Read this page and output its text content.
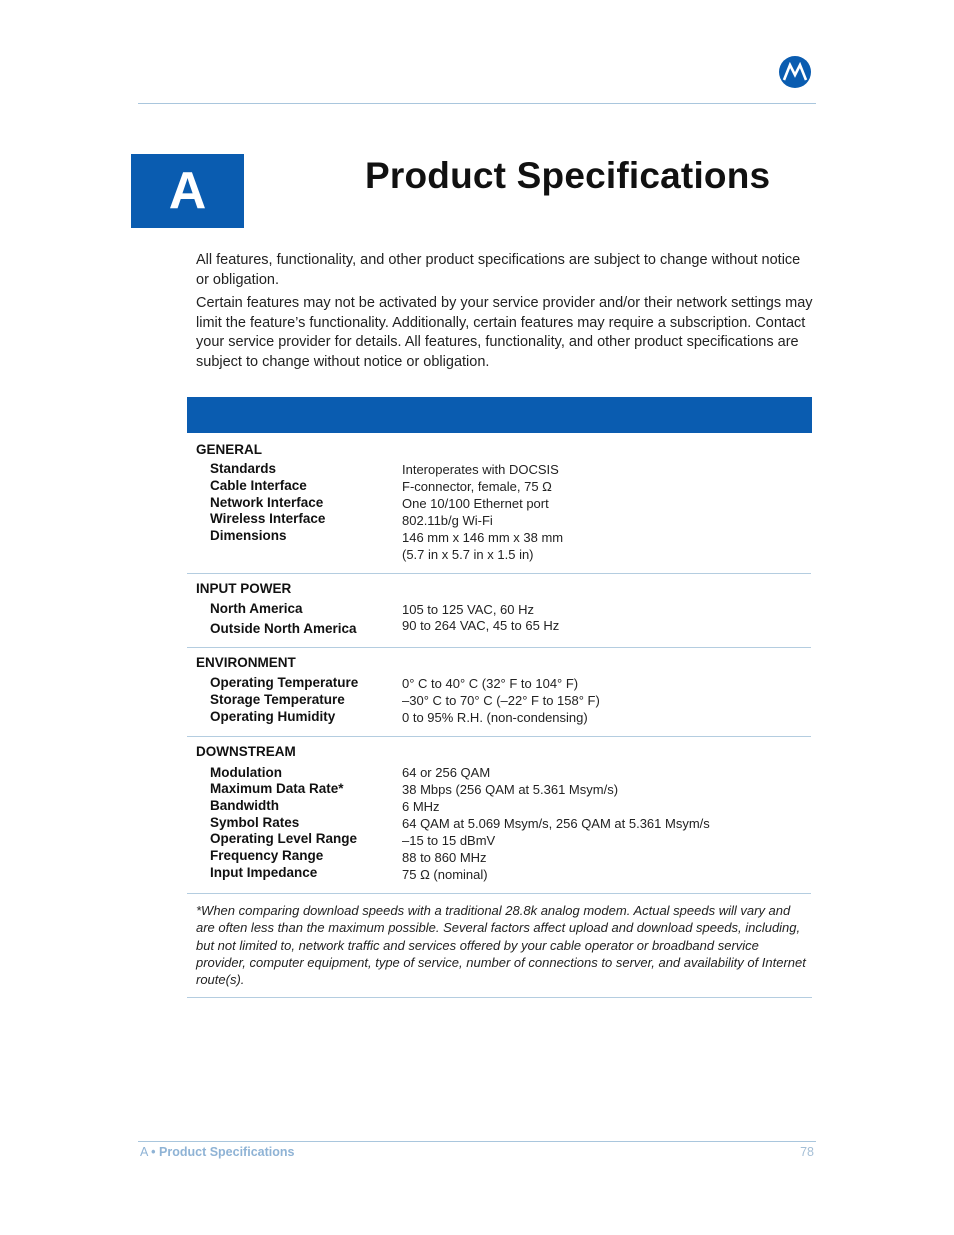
A	Product Specifications

All features, functionality, and other product specifications are subject to change without notice or obligation.

Certain features may not be activated by your service provider and/or their network settings may limit the feature’s functionality. Additionally, certain features may require a subscription. Contact your service provider for details. All features, functionality, and other product specifications are subject to change without notice or obligation.

GENERAL
Standards	Interoperates with DOCSIS
Cable Interface	F-connector, female, 75 Ω
Network Interface	One 10/100 Ethernet port
Wireless Interface	802.11b/g Wi-Fi
Dimensions	146 mm x 146 mm x 38 mm
(5.7 in x 5.7 in x 1.5 in)
INPUT POWER
North America	105 to 125 VAC, 60 Hz
Outside North America	90 to 264 VAC, 45 to 65 Hz
ENVIRONMENT
Operating Temperature	0° C to 40° C (32° F to 104° F)
Storage Temperature	–30° C to 70° C (–22° F to 158° F)
Operating Humidity	0 to 95% R.H. (non-condensing)
DOWNSTREAM
Modulation	64 or 256 QAM
Maximum Data Rate*	38 Mbps (256 QAM at 5.361 Msym/s)
Bandwidth	6 MHz
Symbol Rates	64 QAM at 5.069 Msym/s, 256 QAM at 5.361 Msym/s
Operating Level Range	–15 to 15 dBmV
Frequency Range	88 to 860 MHz
Input Impedance	75 Ω (nominal)
*When comparing download speeds with a traditional 28.8k analog modem. Actual speeds will vary and are often less than the maximum possible. Several factors affect upload and download speeds, including, but not limited to, network traffic and services offered by your cable operator or broadband service provider, computer equipment, type of service, number of connections to server, and availability of Internet route(s).
A • Product Specifications	78
